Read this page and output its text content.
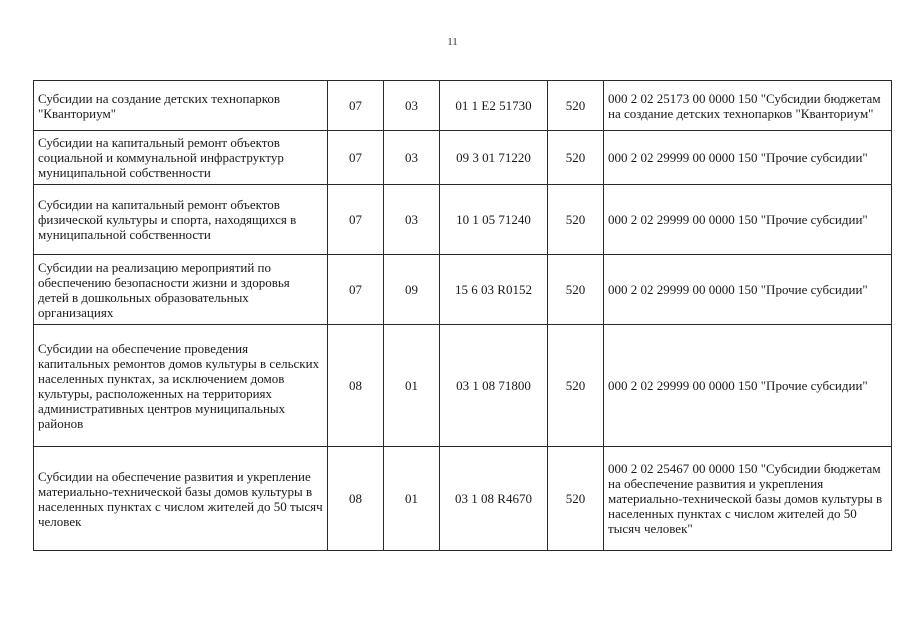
11
Субсидии на создание детских технопарков "Кванториум"	07	03	01 1 E2 51730	520	000 2 02 25173 00 0000 150 "Субсидии бюджетам на создание детских технопарков "Кванториум"
Субсидии на капитальный ремонт объектов социальной и коммунальной инфраструктур муниципальной собственности	07	03	09 3 01 71220	520	000 2 02 29999 00 0000 150 "Прочие субсидии"
Субсидии на капитальный ремонт объектов физической культуры и спорта, находящихся в муниципальной собственности	07	03	10 1 05 71240	520	000 2 02 29999 00 0000 150 "Прочие субсидии"
Субсидии на реализацию мероприятий по обеспечению безопасности жизни и здоровья детей в дошкольных образовательных организациях	07	09	15 6 03 R0152	520	000 2 02 29999 00 0000 150 "Прочие субсидии"
Субсидии на обеспечение проведения капитальных ремонтов домов культуры в сельских населенных пунктах, за исключением домов культуры, расположенных на территориях административных центров муниципальных районов	08	01	03 1 08 71800	520	000 2 02 29999 00 0000 150 "Прочие субсидии"
Субсидии на обеспечение развития и укрепление материально-технической базы домов культуры в населенных пунктах с числом жителей до 50 тысяч человек	08	01	03 1 08 R4670	520	000 2 02 25467 00 0000 150 "Субсидии бюджетам на обеспечение развития и укрепления материально-технической базы домов культуры в населенных пунктах с числом жителей до 50 тысяч человек"
